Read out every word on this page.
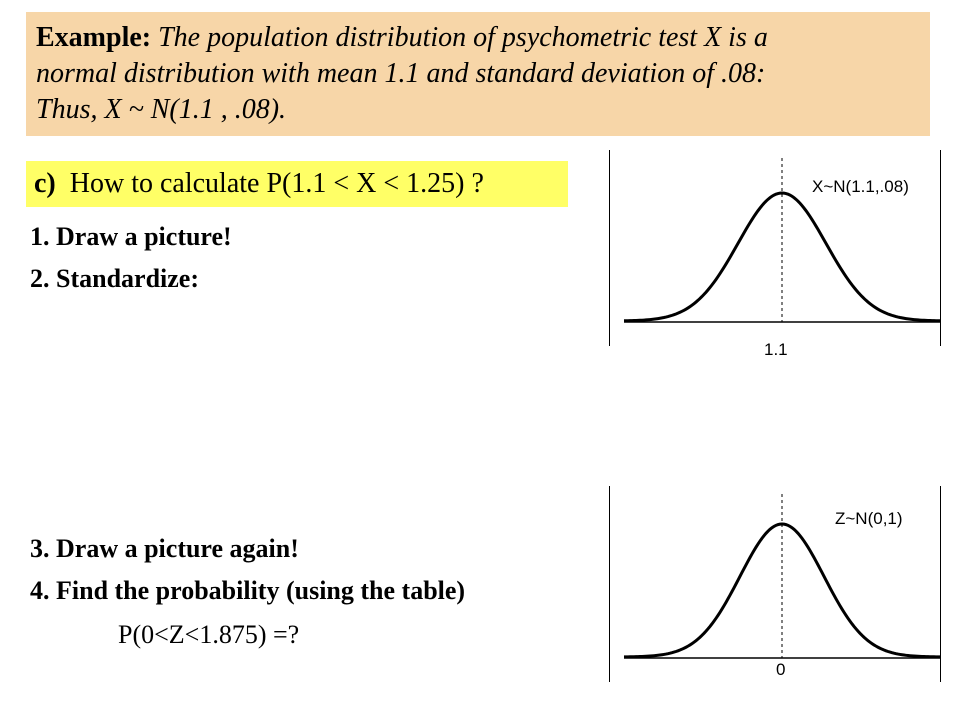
Example: The population distribution of psychometric test X is a
normal distribution with mean 1.1 and standard deviation of .08:
Thus, X ~ N(1.1 , .08).
c) How to calculate P(1.1 < X < 1.25) ?
1. Draw a picture!
2. Standardize:
3. Draw a picture again!
4. Find the probability (using the table)
P(0<Z<1.875) =?
X~N(1.1,.08)
1.1
Z~N(0,1)
0
